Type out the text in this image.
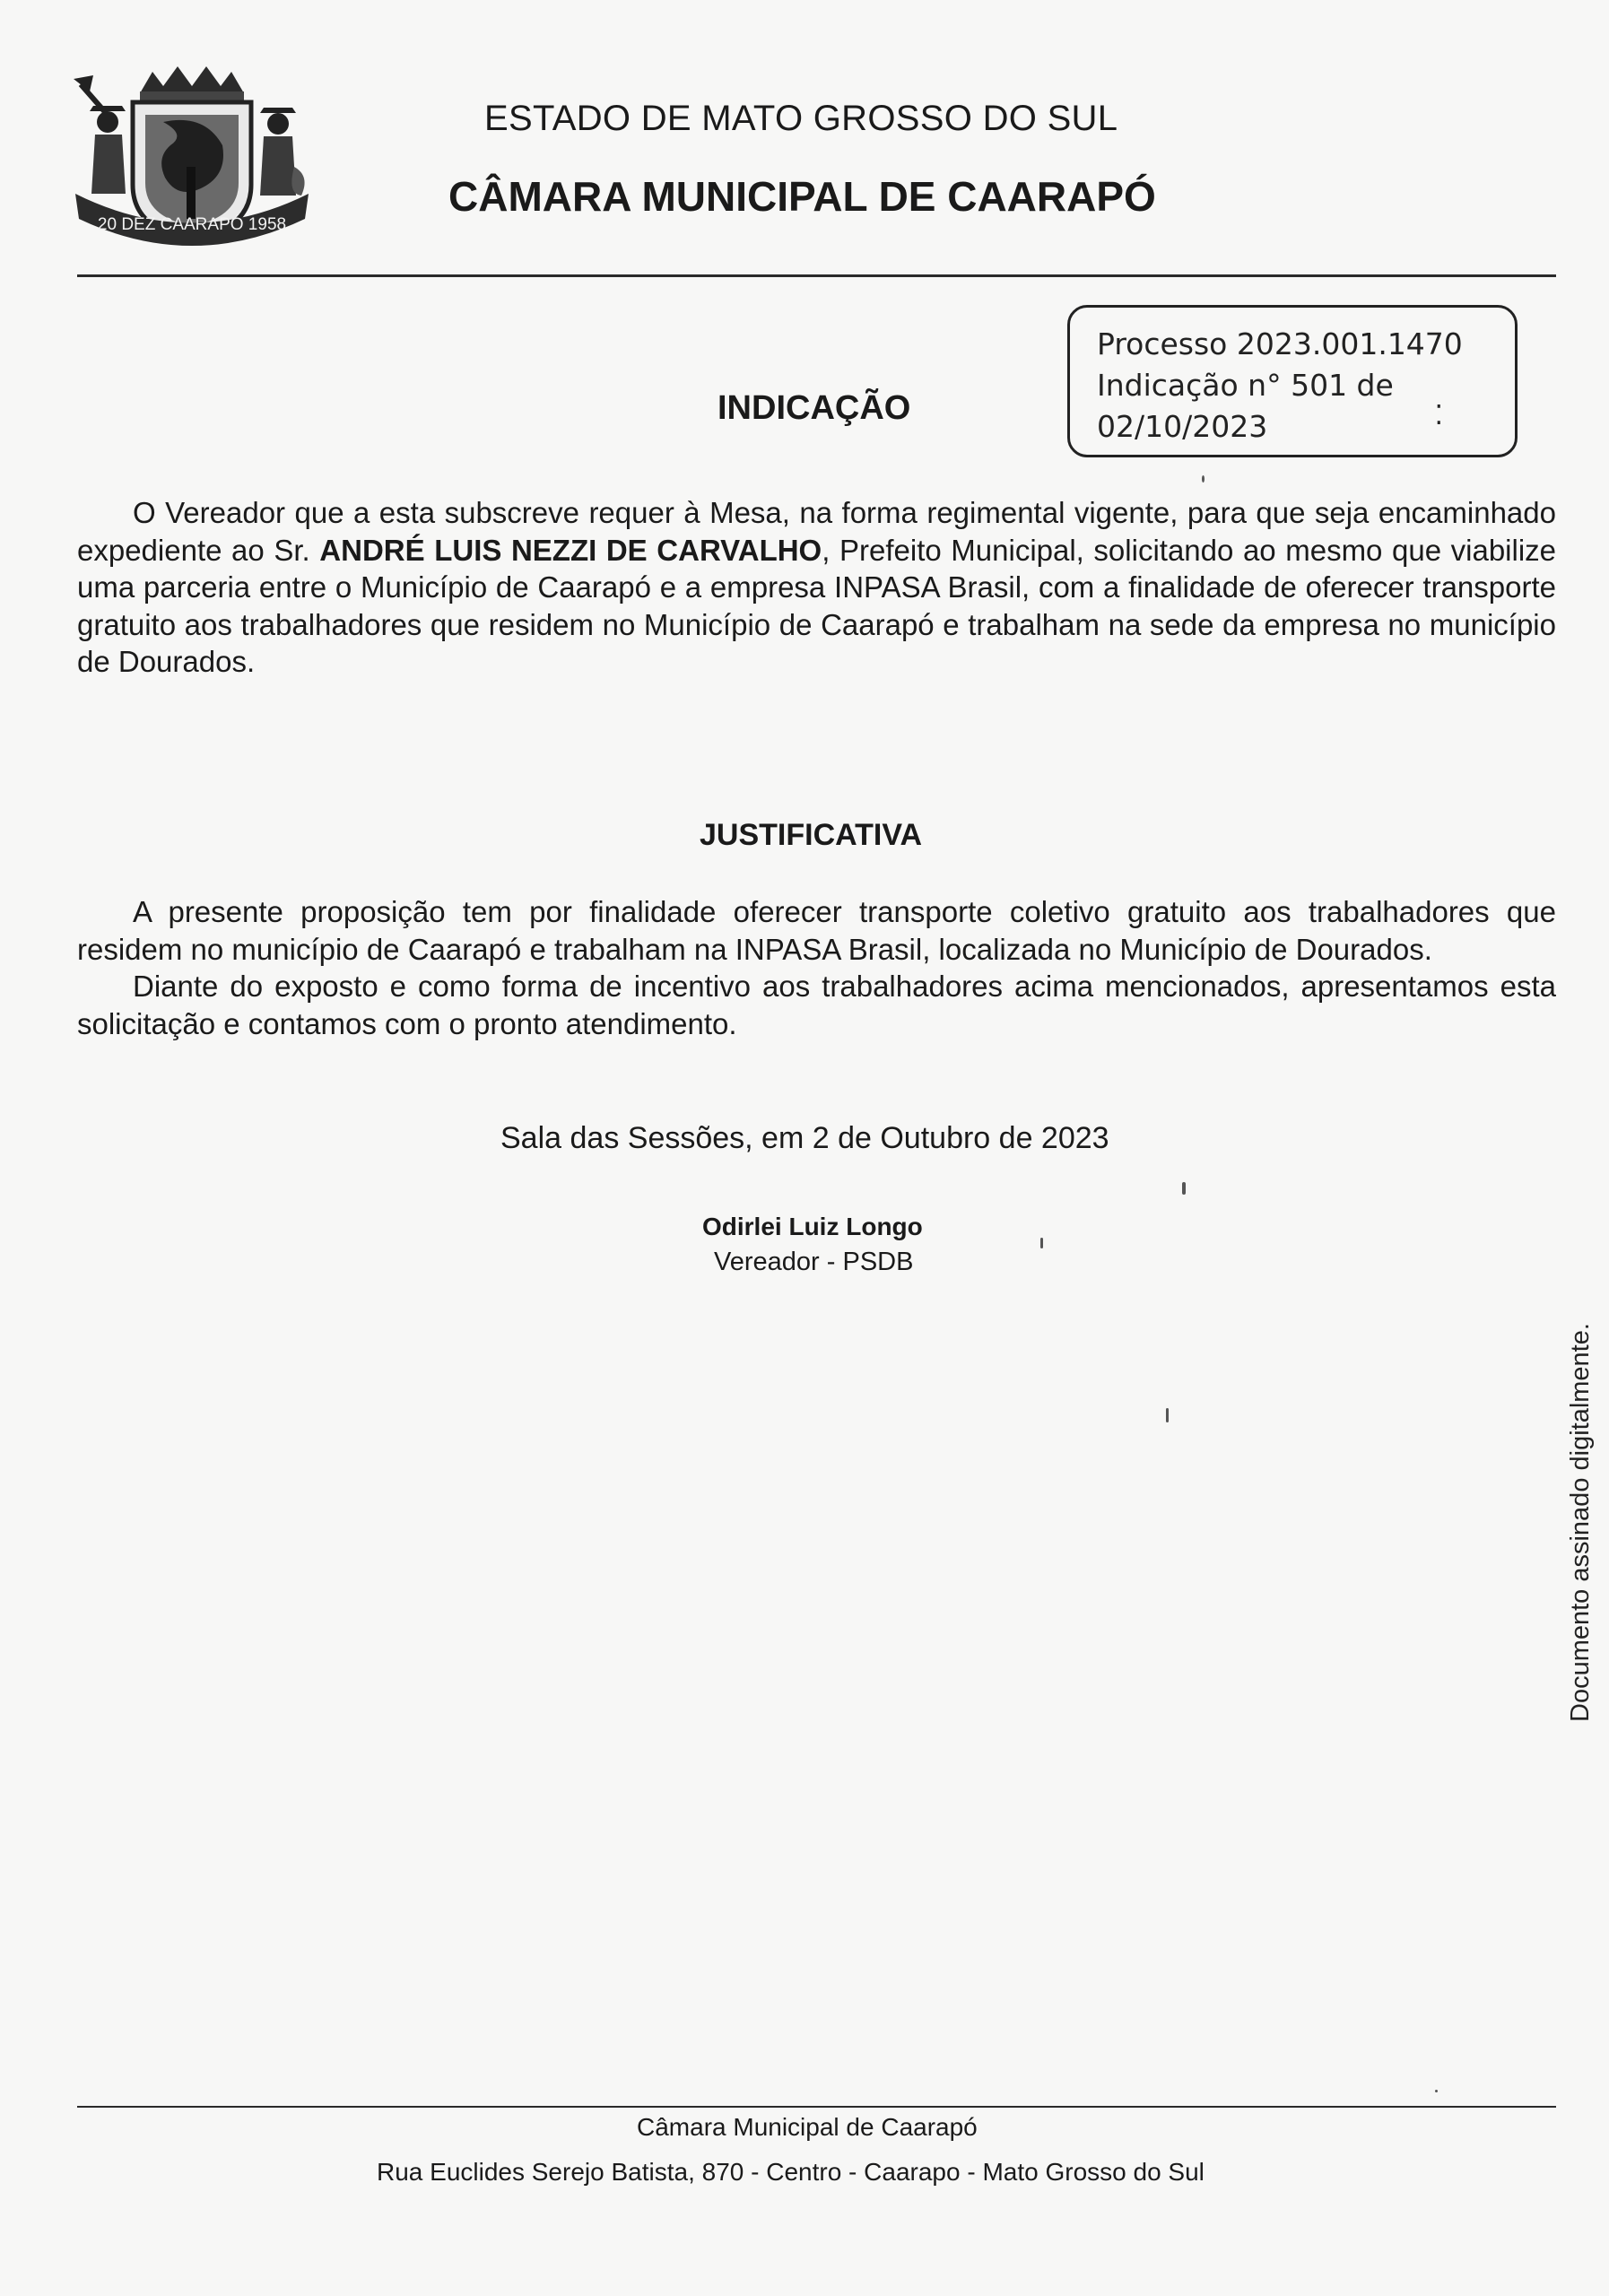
20 DEZ CAARAPÓ 1958
ESTADO DE MATO GROSSO DO SUL
CÂMARA MUNICIPAL DE CAARAPÓ
Processo 2023.001.1470
Indicação n° 501 de
02/10/2023	⁚
INDICAÇÃO

O Vereador que a esta subscreve requer à Mesa, na forma regimental vigente, para que seja encaminhado expediente ao Sr. ANDRÉ LUIS NEZZI DE CARVALHO, Prefeito Municipal, solicitando ao mesmo que viabilize uma parceria entre o Município de Caarapó e a empresa INPASA Brasil, com a finalidade de oferecer transporte gratuito aos trabalhadores que residem no Município de Caarapó e trabalham na sede da empresa no município de Dourados.

JUSTIFICATIVA

A presente proposição tem por finalidade oferecer transporte coletivo gratuito aos trabalhadores que residem no município de Caarapó e trabalham na INPASA Brasil, localizada no Município de Dourados.

Diante do exposto e como forma de incentivo aos trabalhadores acima mencionados, apresentamos esta solicitação e contamos com o pronto atendimento.

Sala das Sessões, em 2 de Outubro de 2023
Odirlei Luiz Longo
Vereador - PSDB
Documento assinado digitalmente.
Câmara Municipal de Caarapó
Rua Euclides Serejo Batista, 870 - Centro - Caarapo - Mato Grosso do Sul
